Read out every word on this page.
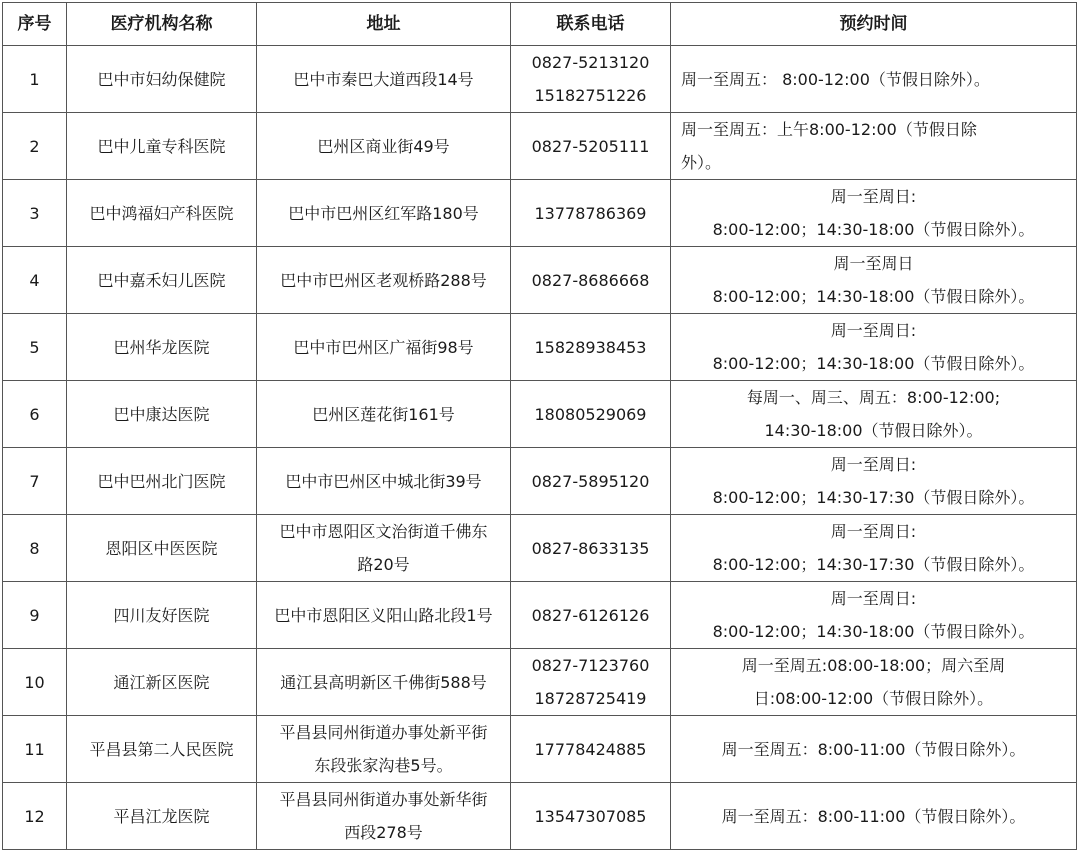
序号	医疗机构名称	地址	联系电话	预约时间
1	巴中市妇幼保健院	巴中市秦巴大道西段14号	0827-5213120
15182751226	周一至周五： 8:00-12:00（节假日除外）。

2	巴中儿童专科医院	巴州区商业街49号	0827-5205111	周一至周五：上午8:00-12:00（节假日除
外）。

3	巴中鸿福妇产科医院	巴中市巴州区红军路180号	13778786369	周一至周日:
8:00-12:00；14:30-18:00（节假日除外）。

4	巴中嘉禾妇儿医院	巴中市巴州区老观桥路288号	0827-8686668	周一至周日
8:00-12:00；14:30-18:00（节假日除外）。

5	巴州华龙医院	巴中市巴州区广福街98号	15828938453	周一至周日:
8:00-12:00；14:30-18:00（节假日除外）。

6	巴中康达医院	巴州区莲花街161号	18080529069	每周一、周三、周五：8:00-12:00;
14:30-18:00（节假日除外）。

7	巴中巴州北门医院	巴中市巴州区中城北街39号	0827-5895120	周一至周日:
8:00-12:00；14:30-17:30（节假日除外）。

8	恩阳区中医医院	巴中市恩阳区文治街道千佛东
路20号	0827-8633135	周一至周日:
8:00-12:00；14:30-17:30（节假日除外）。

9	四川友好医院	巴中市恩阳区义阳山路北段1号	0827-6126126	周一至周日:
8:00-12:00；14:30-18:00（节假日除外）。

10	通江新区医院	通江县高明新区千佛街588号	0827-7123760
18728725419	周一至周五:08:00-18:00；周六至周
日:08:00-12:00（节假日除外）。

11	平昌县第二人民医院	平昌县同州街道办事处新平街
东段张家沟巷5号。	17778424885	周一至周五：8:00-11:00（节假日除外）。

12	平昌江龙医院	平昌县同州街道办事处新华街
西段278号	13547307085	周一至周五：8:00-11:00（节假日除外）。
